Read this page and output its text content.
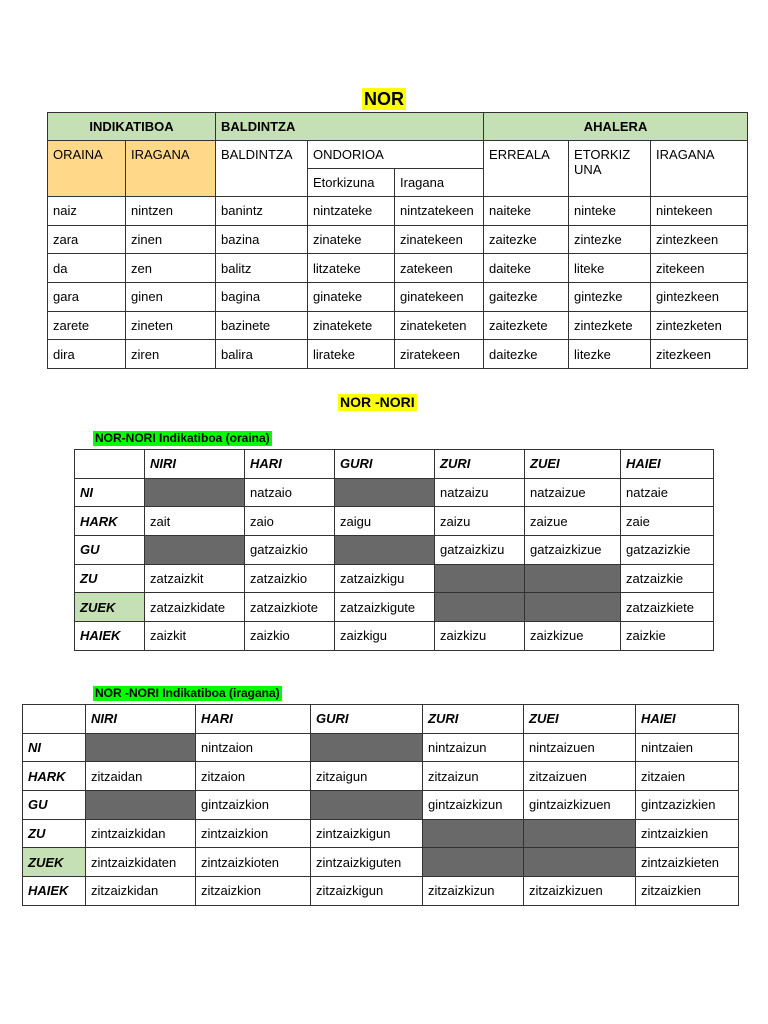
NOR
INDIKATIBOA		BALDINTZA			AHALERA		
ORAINA	IRAGANA	BALDINTZA	ONDORIOA		ERREALA	ETORKIZ UNA	IRAGANA
			Etorkizuna	Iragana			
naiz	nintzen	banintz	nintzateke	nintzatekeen	naiteke	ninteke	nintekeen
zara	zinen	bazina	zinateke	zinatekeen	zaitezke	zintezke	zintezkeen
da	zen	balitz	litzateke	zatekeen	daiteke	liteke	zitekeen
gara	ginen	bagina	ginateke	ginatekeen	gaitezke	gintezke	gintezkeen
zarete	zineten	bazinete	zinatekete	zinateketen	zaitezkete	zintezkete	zintezketen
dira	ziren	balira	lirateke	ziratekeen	daitezke	litezke	zitezkeen
NOR -NORI
NOR-NORI Indikatiboa (oraina)
	NIRI	HARI	GURI	ZURI	ZUEI	HAIEI
NI		natzaio		natzaizu	natzaizue	natzaie
HARK	zait	zaio	zaigu	zaizu	zaizue	zaie
GU		gatzaizkio		gatzaizkizu	gatzaizkizue	gatzazizkie
ZU	zatzaizkit	zatzaizkio	zatzaizkigu			zatzaizkie
ZUEK	zatzaizkidate	zatzaizkiote	zatzaizkigute			zatzaizkiete
HAIEK	zaizkit	zaizkio	zaizkigu	zaizkizu	zaizkizue	zaizkie
NOR -NORI Indikatiboa (iragana)
	NIRI	HARI	GURI	ZURI	ZUEI	HAIEI
NI		nintzaion		nintzaizun	nintzaizuen	nintzaien
HARK	zitzaidan	zitzaion	zitzaigun	zitzaizun	zitzaizuen	zitzaien
GU		gintzaizkion		gintzaizkizun	gintzaizkizuen	gintzazizkien
ZU	zintzaizkidan	zintzaizkion	zintzaizkigun			zintzaizkien
ZUEK	zintzaizkidaten	zintzaizkioten	zintzaizkiguten			zintzaizkieten
HAIEK	zitzaizkidan	zitzaizkion	zitzaizkigun	zitzaizkizun	zitzaizkizuen	zitzaizkien
